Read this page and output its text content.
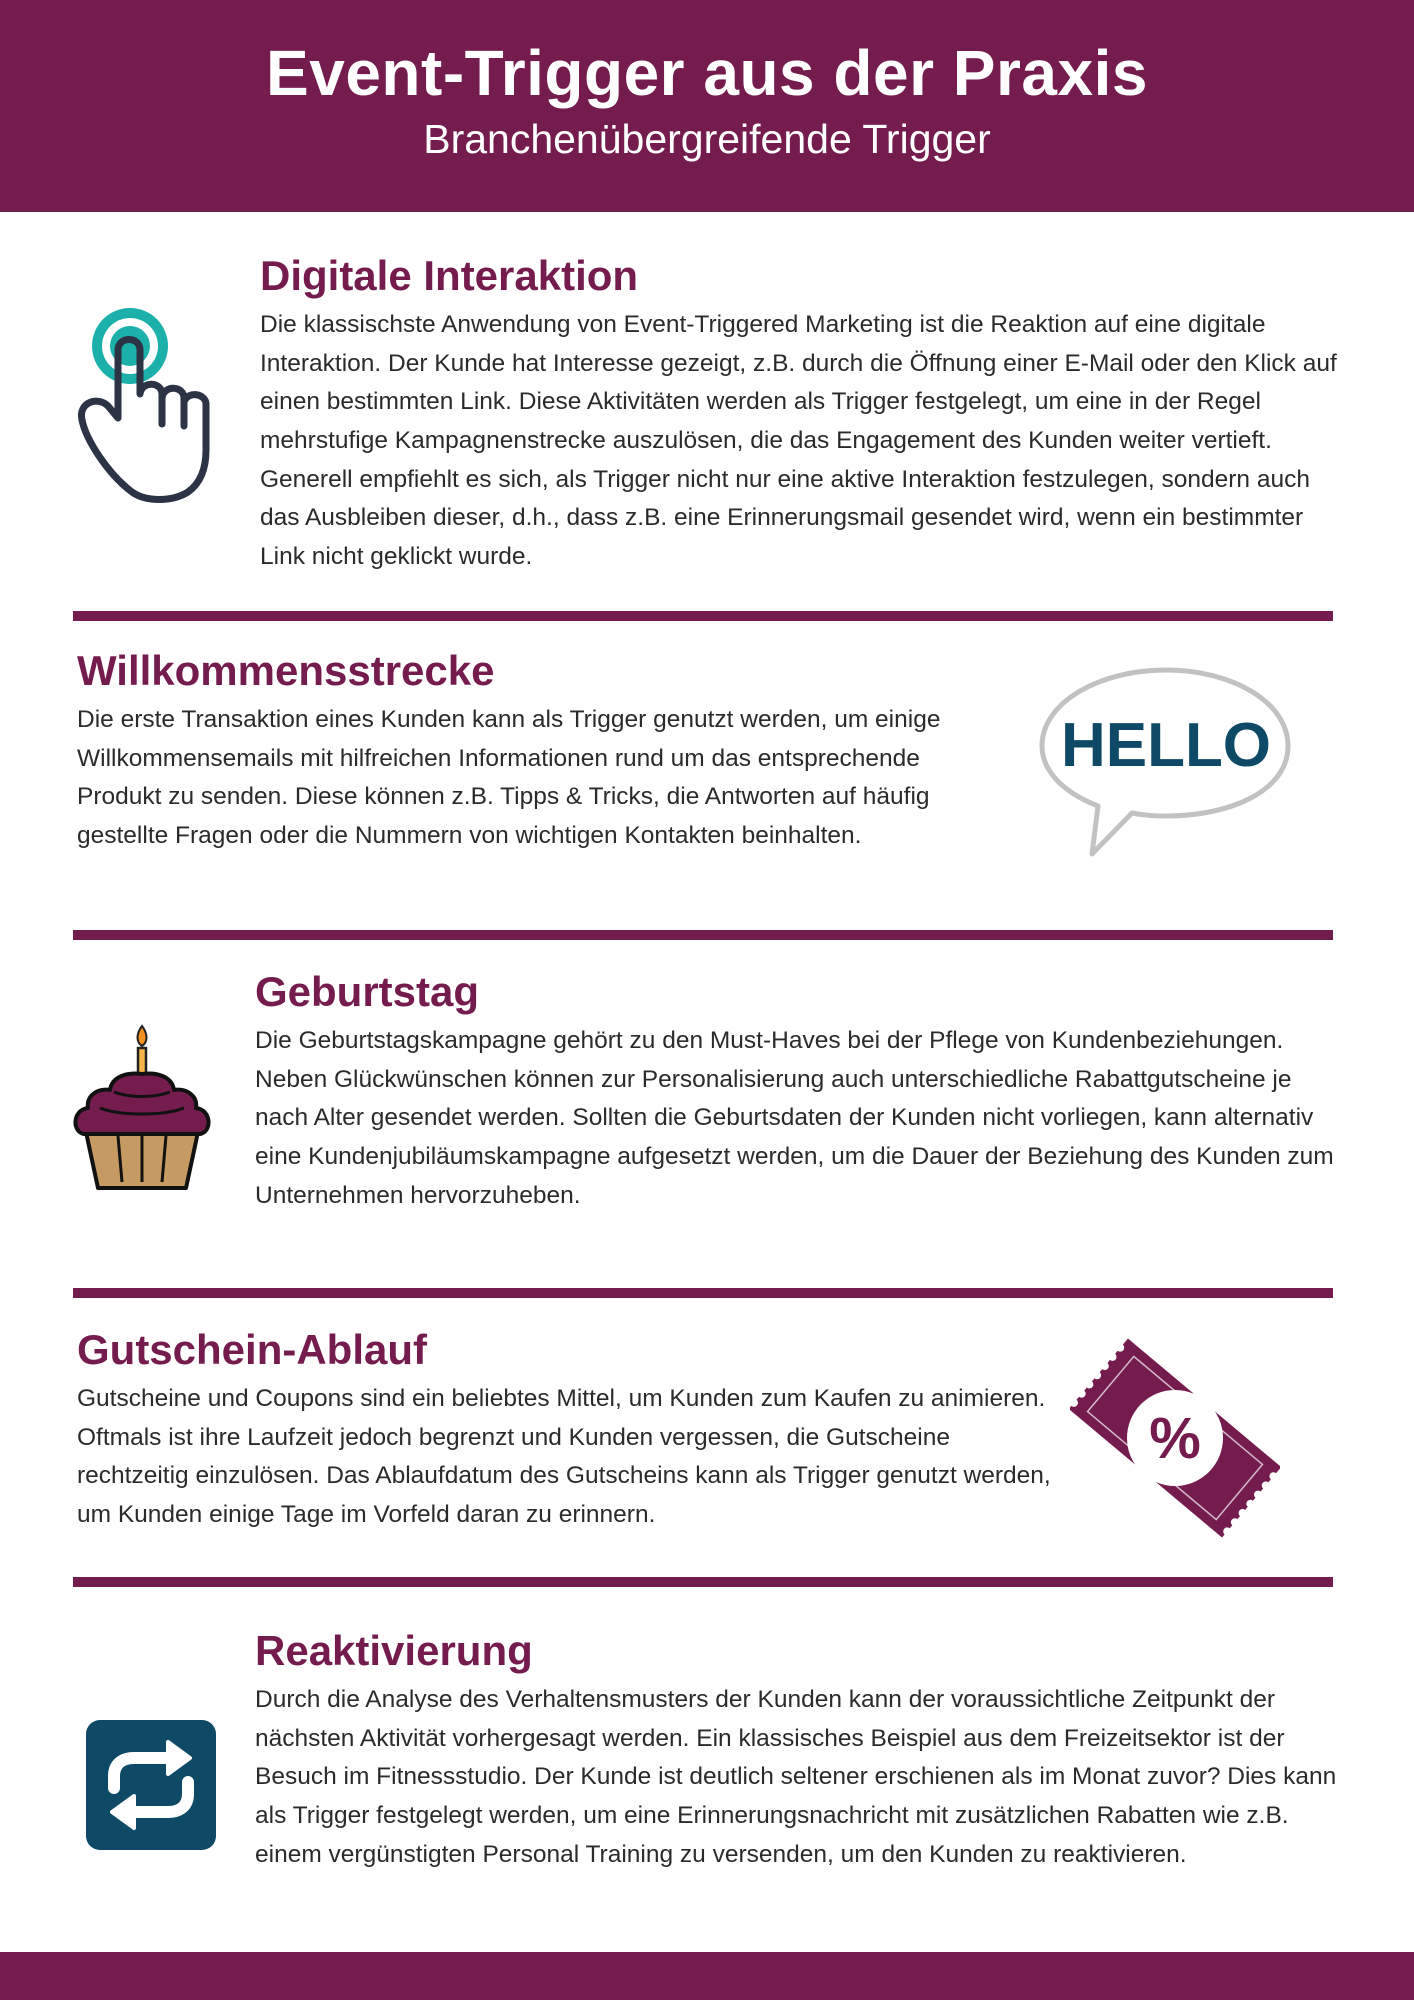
Event-Trigger aus der Praxis
Branchenübergreifende Trigger
Digitale Interaktion

Die klassischste Anwendung von Event-Triggered Marketing ist die Reaktion auf eine digitale Interaktion. Der Kunde hat Interesse gezeigt, z.B. durch die Öffnung einer E-Mail oder den Klick auf einen bestimmten Link. Diese Aktivitäten werden als Trigger festgelegt, um eine in der Regel mehrstufige Kampagnenstrecke auszulösen, die das Engagement des Kunden weiter vertieft. Generell empfiehlt es sich, als Trigger nicht nur eine aktive Interaktion festzulegen, sondern auch das Ausbleiben dieser, d.h., dass z.B. eine Erinnerungsmail gesendet wird, wenn ein bestimmter Link nicht geklickt wurde.

Willkommensstrecke

Die erste Transaktion eines Kunden kann als Trigger genutzt werden, um einige Willkommensemails mit hilfreichen Informationen rund um das entsprechende Produkt zu senden. Diese können z.B. Tipps & Tricks, die Antworten auf häufig gestellte Fragen oder die Nummern von wichtigen Kontakten beinhalten.

HELLO
Geburtstag

Die Geburtstagskampagne gehört zu den Must-Haves bei der Pflege von Kundenbeziehungen. Neben Glückwünschen können zur Personalisierung auch unterschiedliche Rabattgutscheine je nach Alter gesendet werden. Sollten die Geburtsdaten der Kunden nicht vorliegen, kann alternativ eine Kundenjubiläumskampagne aufgesetzt werden, um die Dauer der Beziehung des Kunden zum Unternehmen hervorzuheben.

Gutschein-Ablauf

Gutscheine und Coupons sind ein beliebtes Mittel, um Kunden zum Kaufen zu animieren. Oftmals ist ihre Laufzeit jedoch begrenzt und Kunden vergessen, die Gutscheine rechtzeitig einzulösen. Das Ablaufdatum des Gutscheins kann als Trigger genutzt werden, um Kunden einige Tage im Vorfeld daran zu erinnern.

%
Reaktivierung

Durch die Analyse des Verhaltensmusters der Kunden kann der voraussichtliche Zeitpunkt der nächsten Aktivität vorhergesagt werden. Ein klassisches Beispiel aus dem Freizeitsektor ist der Besuch im Fitnessstudio. Der Kunde ist deutlich seltener erschienen als im Monat zuvor? Dies kann als Trigger festgelegt werden, um eine Erinnerungsnachricht mit zusätzlichen Rabatten wie z.B. einem vergünstigten Personal Training zu versenden, um den Kunden zu reaktivieren.
